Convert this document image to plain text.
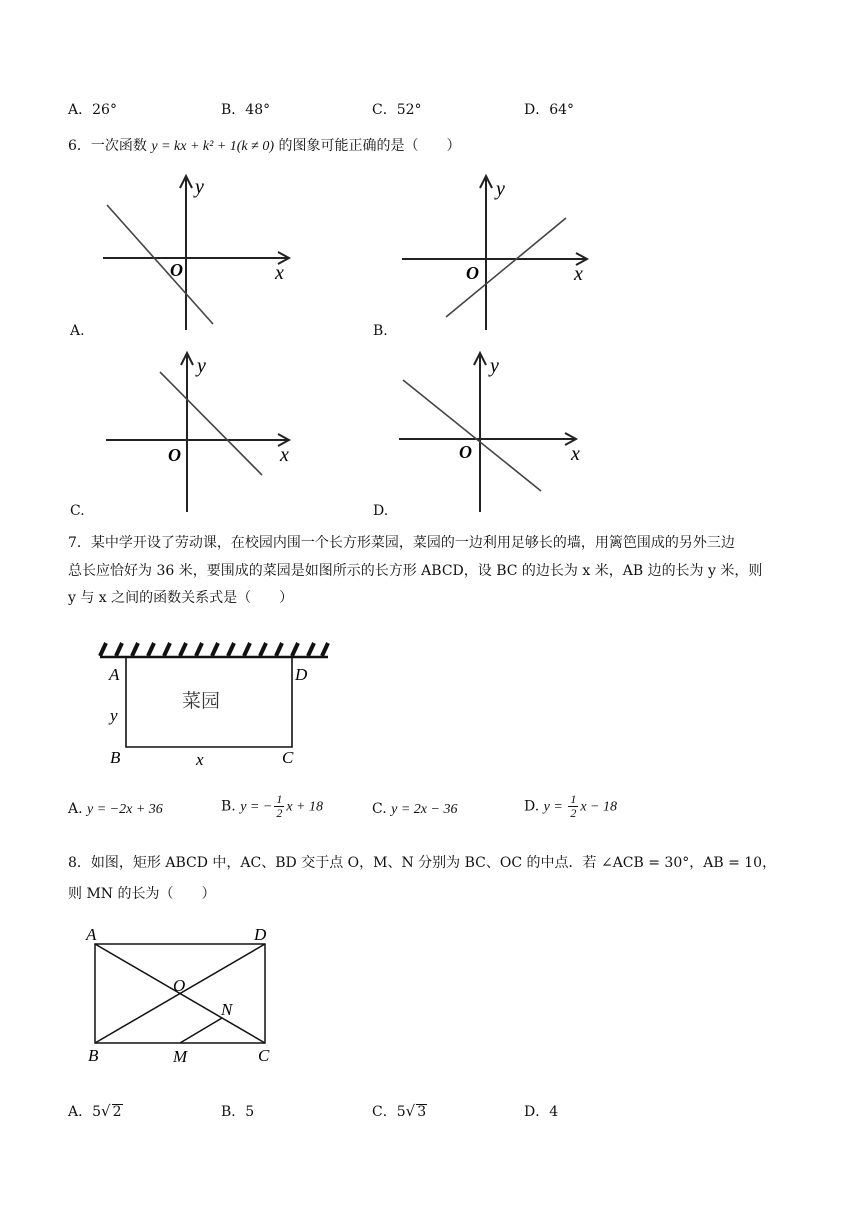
A．26°	B．48°	C．52°	D．64°
6．一次函数 y = kx + k² + 1(k ≠ 0) 的图象可能正确的是（　　）
y
O	x
A.
y
O	x
B.
y
O	x
C.
y
O	x
D.
7．某中学开设了劳动课，在校园内围一个长方形菜园，菜园的一边利用足够长的墙，用篱笆围成的另外三边
总长应恰好为 36 米，要围成的菜园是如图所示的长方形 ABCD，设 BC 的边长为 x 米，AB 边的长为 y 米，则
y 与 x 之间的函数关系式是（　　）
A	D
y
菜园
B	x	C
A. y = −2x + 36	B. y = − $\frac{1}{2}$ x + 18	C. y = 2x − 36	D. $y = \frac{1}{2}$ x − 18
8．如图，矩形 ABCD 中，AC、BD 交于点 O，M、N 分别为 BC、OC 的中点．若 ∠ACB = 30°，AB = 10，
则 MN 的长为（　　）
A	D
O
N
B	M	C
A．5√ 2	B．5	C．5√ 3	D．4
